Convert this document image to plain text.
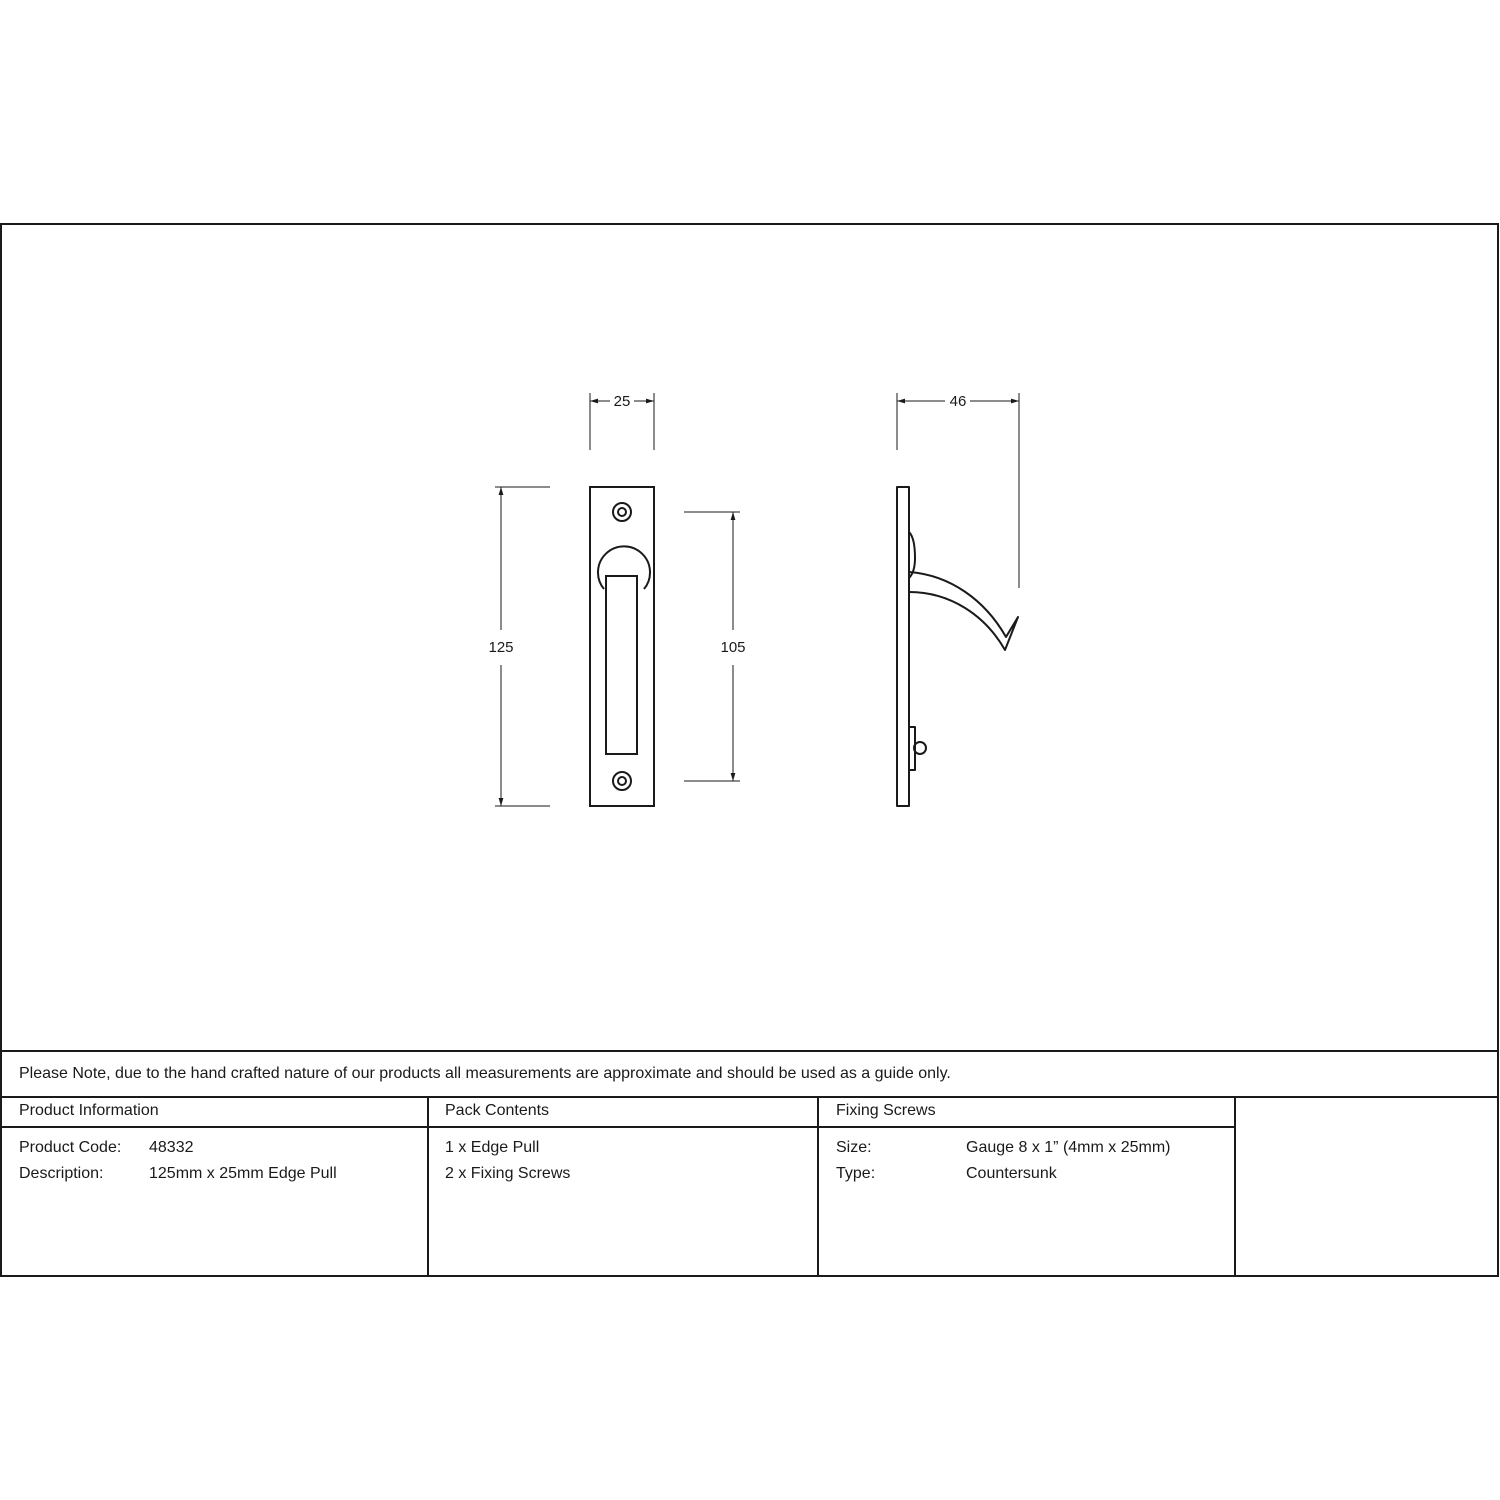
25
125	105
46
Please Note, due to the hand crafted nature of our products all measurements are approximate and should be used as a guide only.
Product Information
Product Code: 48332
Description:	125mm x 25mm Edge Pull
Pack Contents
1 x Edge Pull
2 x Fixing Screws
Fixing Screws
Size:	Gauge 8 x 1” (4mm x 25mm)
Type:	Countersunk
